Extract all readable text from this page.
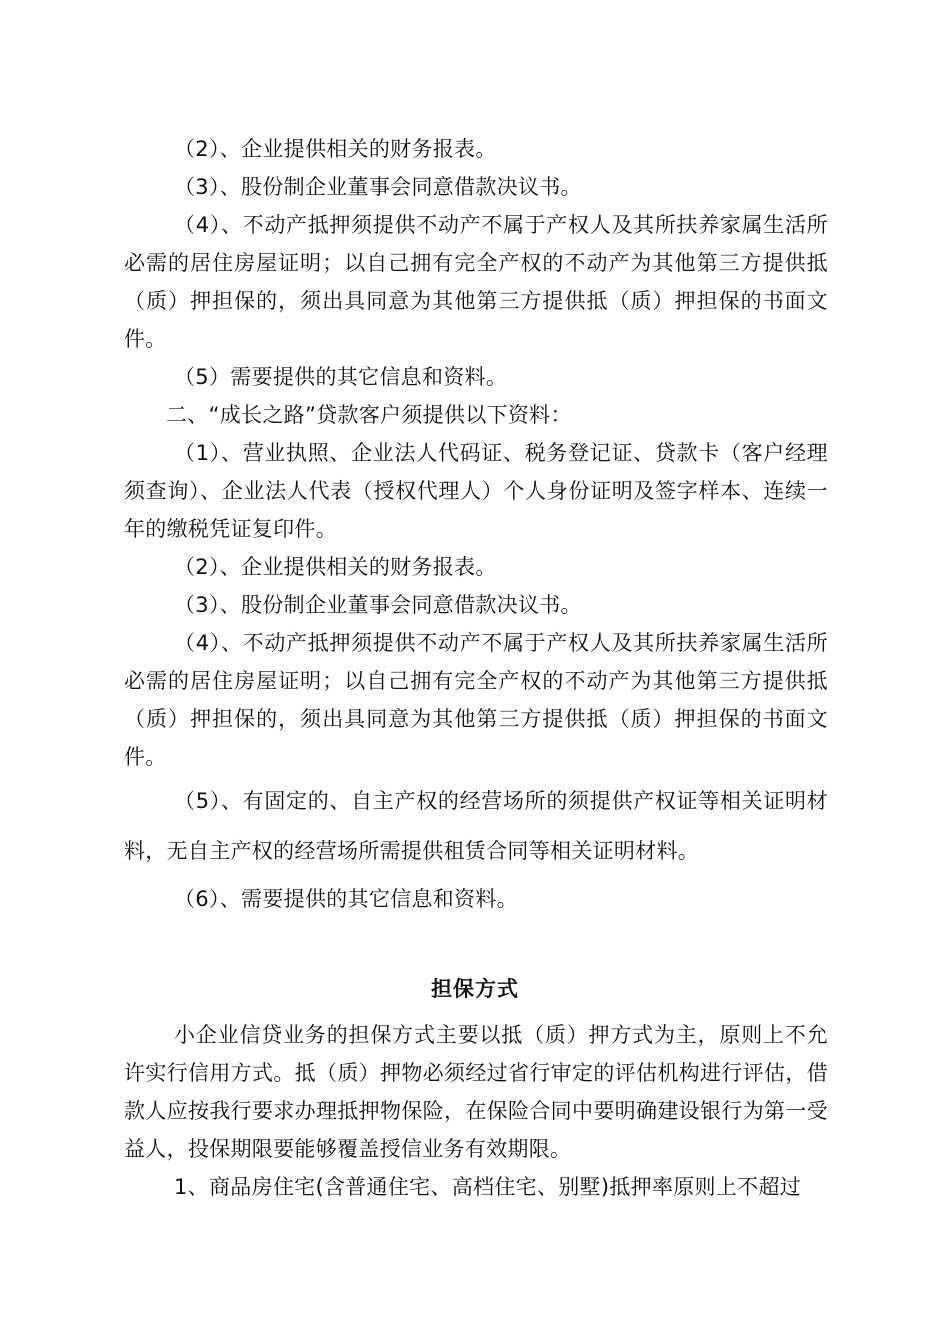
（2）、企业提供相关的财务报表。

（3）、股份制企业董事会同意借款决议书。

（4）、不动产抵押须提供不动产不属于产权人及其所扶养家属生活所必需的居住房屋证明；以自己拥有完全产权的不动产为其他第三方提供抵（质）押担保的，须出具同意为其他第三方提供抵（质）押担保的书面文件。

（5）需要提供的其它信息和资料。

二、“成长之路”贷款客户须提供以下资料：

（1）、营业执照、企业法人代码证、税务登记证、贷款卡（客户经理须查询）、企业法人代表（授权代理人）个人身份证明及签字样本、连续一年的缴税凭证复印件。

（2）、企业提供相关的财务报表。

（3）、股份制企业董事会同意借款决议书。

（4）、不动产抵押须提供不动产不属于产权人及其所扶养家属生活所必需的居住房屋证明；以自己拥有完全产权的不动产为其他第三方提供抵（质）押担保的，须出具同意为其他第三方提供抵（质）押担保的书面文件。

（5）、有固定的、自主产权的经营场所的须提供产权证等相关证明材料，无自主产权的经营场所需提供租赁合同等相关证明材料。

（6）、需要提供的其它信息和资料。

担保方式

小企业信贷业务的担保方式主要以抵（质）押方式为主，原则上不允许实行信用方式。抵（质）押物必须经过省行审定的评估机构进行评估，借款人应按我行要求办理抵押物保险，在保险合同中要明确建设银行为第一受益人，投保期限要能够覆盖授信业务有效期限。

1、商品房住宅(含普通住宅、高档住宅、别墅)抵押率原则上不超过
